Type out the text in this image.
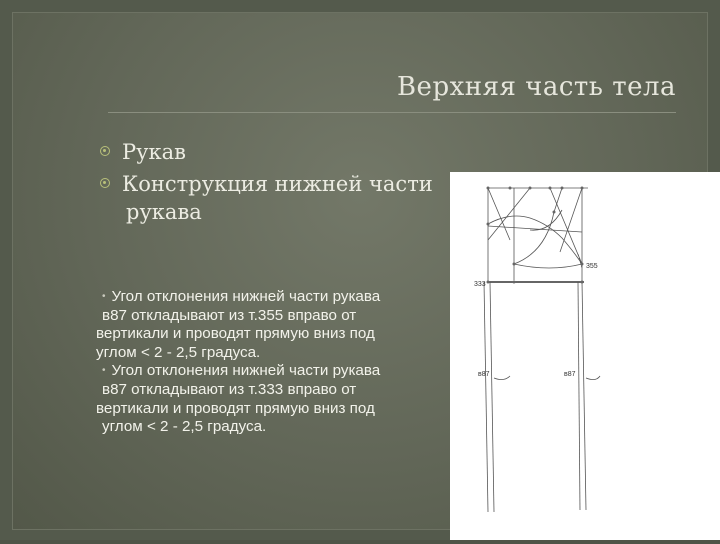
Верхняя часть тела
Рукав
Конструкция нижней части
рукава

• Угол отклонения нижней части рукава

в87 откладывают из т.355 вправо от

вертикали и проводят прямую вниз под

углом < 2 - 2,5 градуса.

• Угол отклонения нижней части рукава

в87 откладывают из т.333 вправо от

вертикали и проводят прямую вниз под

углом < 2 - 2,5 градуса.

355
333
в87	в87
